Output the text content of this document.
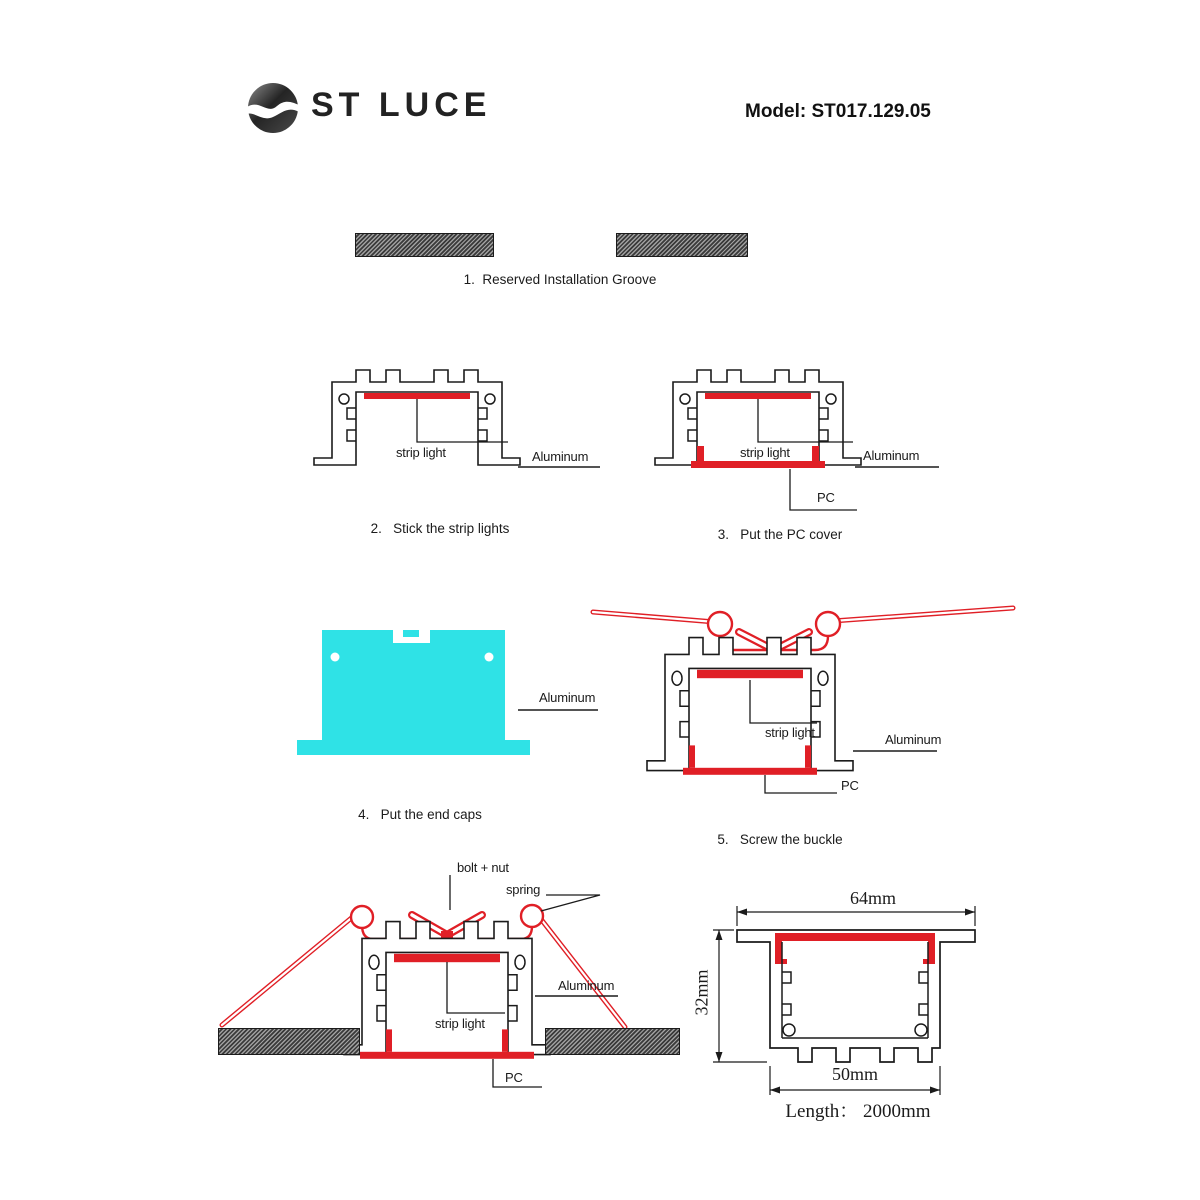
ST LUCE	Model: ST017.129.05
1.  Reserved Installation Groove
strip light	Aluminum
2.   Stick the strip lights
strip light	Aluminum
PC
3.   Put the PC cover
Aluminum
4.   Put the end caps
strip light	Aluminum
PC
5.   Screw the buckle
bolt + nut
spring
Aluminum
strip light
PC
64mm
32mm
50mm
Length： 2000mm
